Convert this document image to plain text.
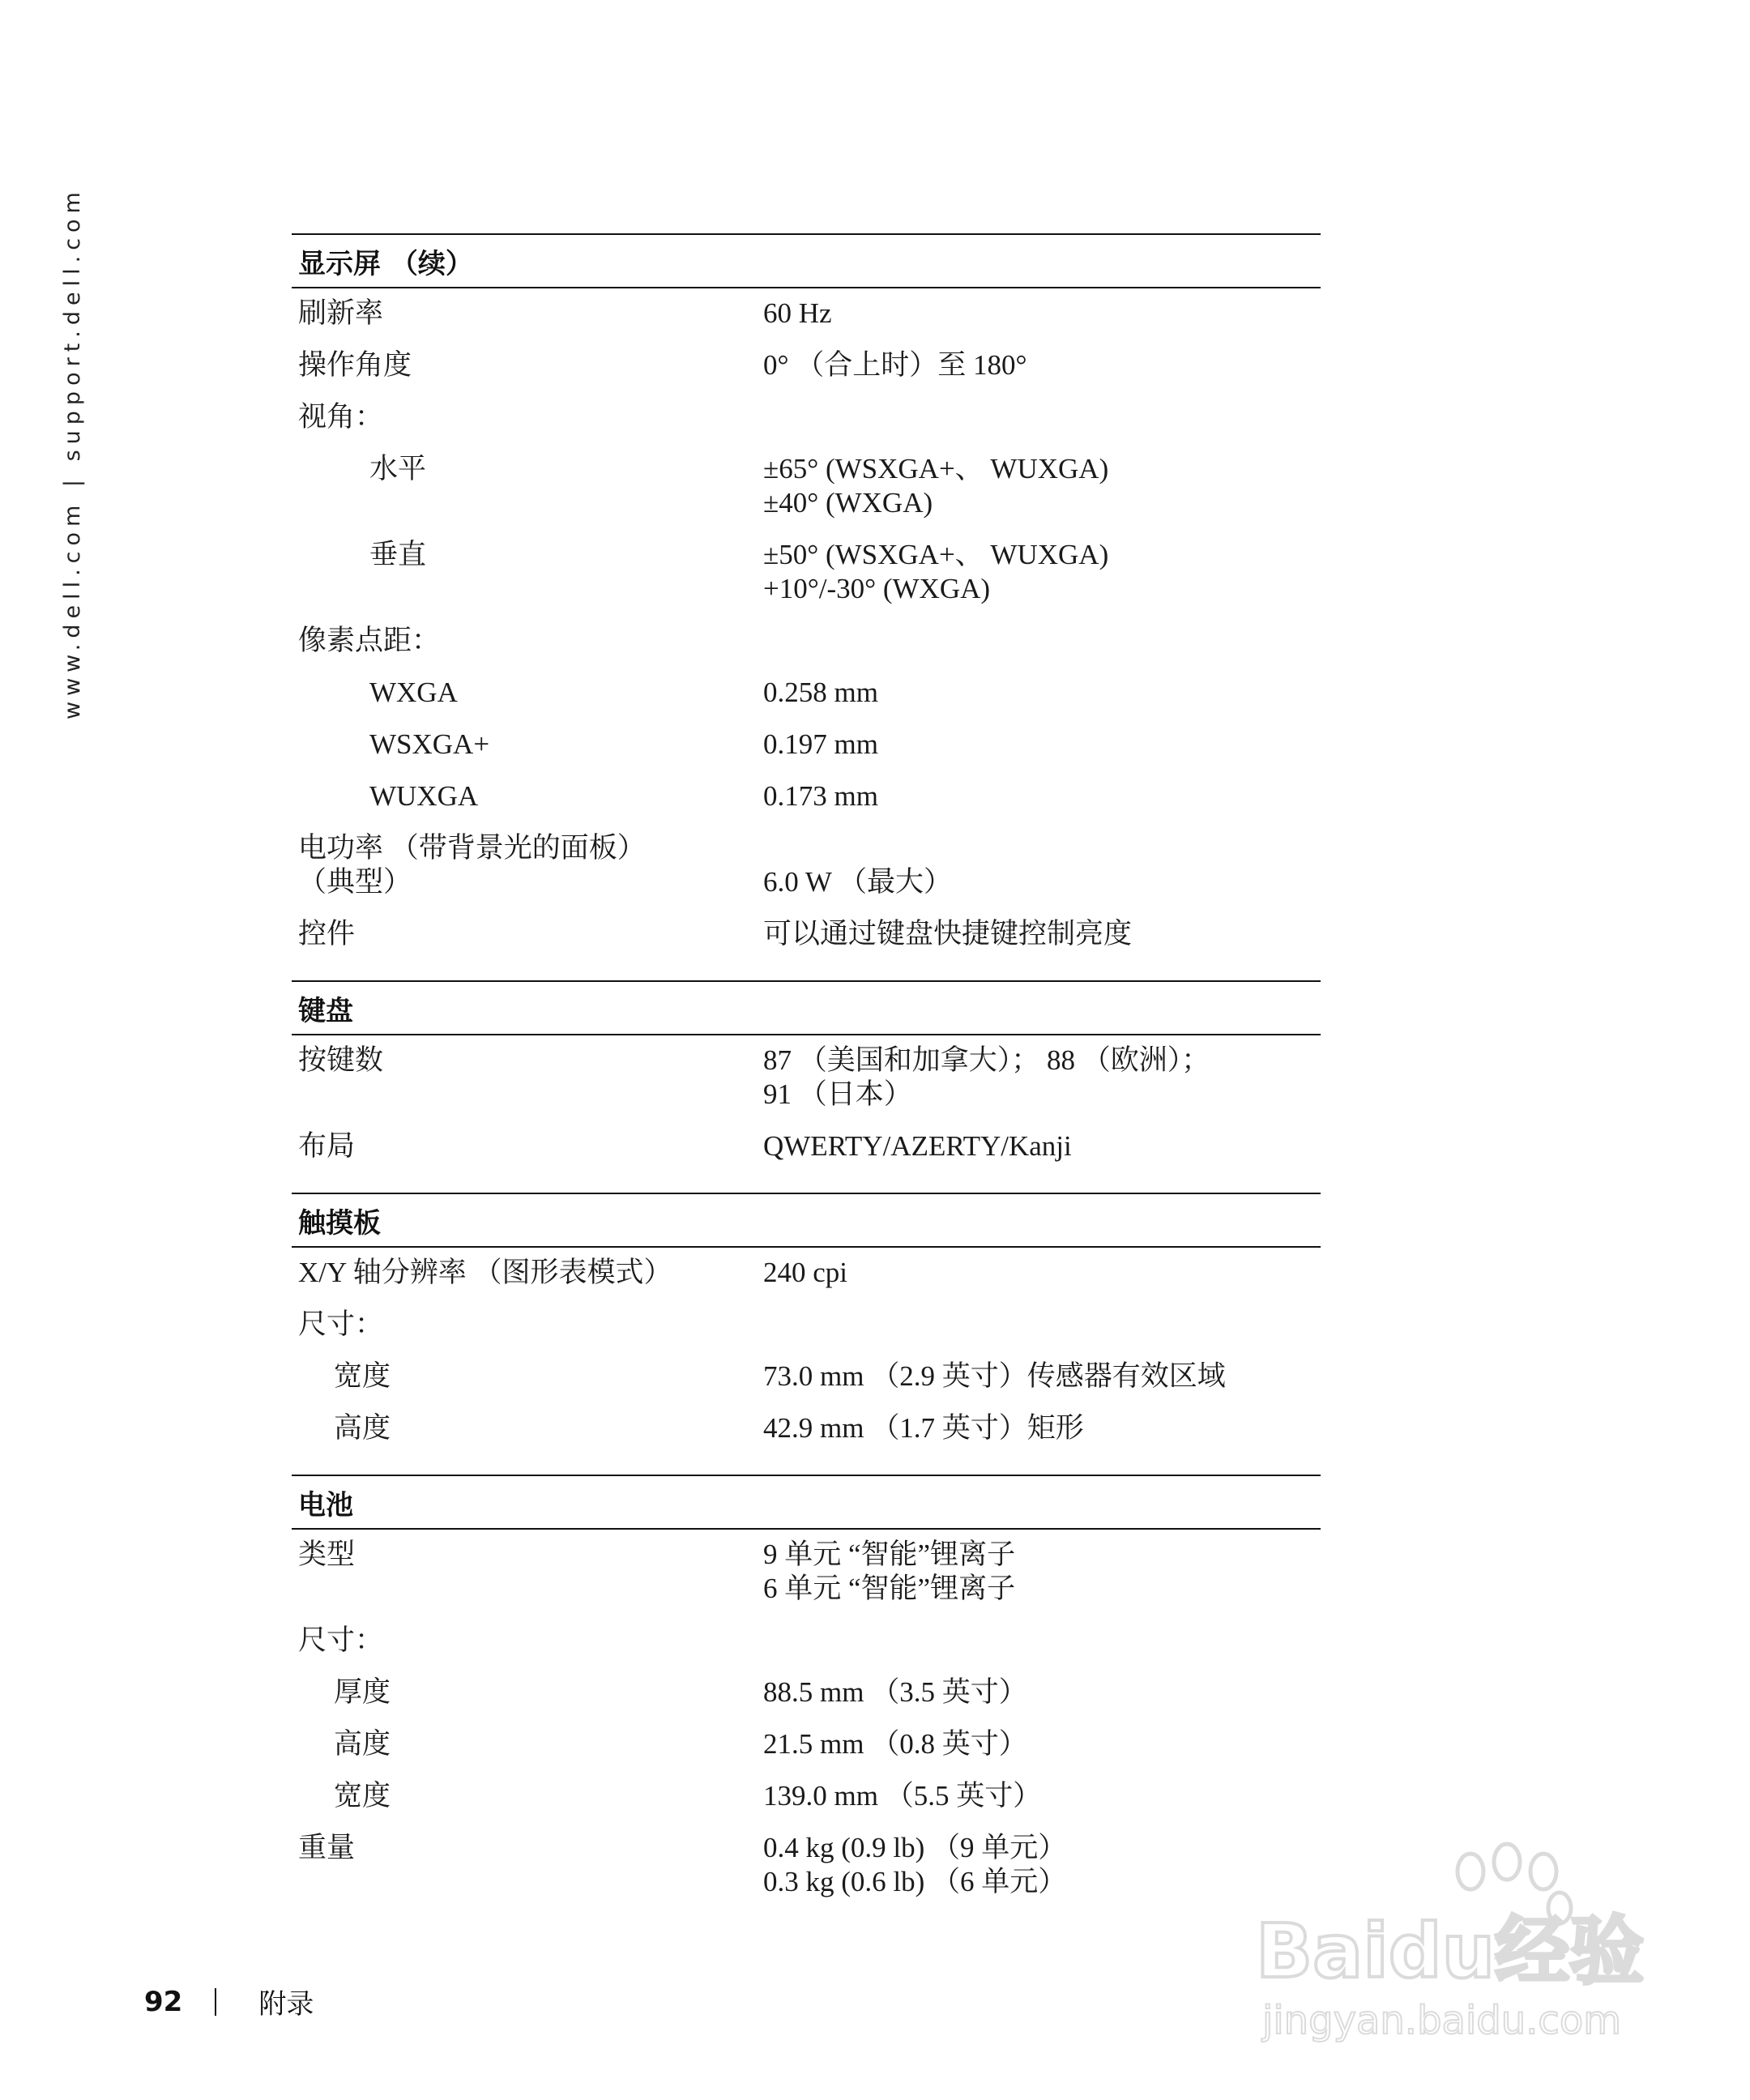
www.dell.com | support.dell.com	显示屏 （续）
刷新率	60 Hz
操作角度	0° （合上时）至 180°
视角：
水平	±65° (WSXGA+、 WUXGA)
±40° (WXGA)
垂直	±50° (WSXGA+、 WUXGA)
+10°/-30° (WXGA)
像素点距：
WXGA	0.258 mm
WSXGA+	0.197 mm
WUXGA	0.173 mm
电功率 （带背景光的面板）
（典型）	6.0 W （最大）
控件	可以通过键盘快捷键控制亮度
键盘
按键数	87 （美国和加拿大）； 88 （欧洲）；
91 （日本）
布局	QWERTY/AZERTY/Kanji
触摸板
X/Y 轴分辨率 （图形表模式）	240 cpi
尺寸：
宽度	73.0 mm （2.9 英寸）传感器有效区域
高度	42.9 mm （1.7 英寸）矩形
电池
类型	9 单元 “智能”锂离子
6 单元 “智能”锂离子
尺寸：
厚度	88.5 mm （3.5 英寸）
高度	21.5 mm （0.8 英寸）
宽度	139.0 mm （5.5 英寸）
重量	0.4 kg (0.9 lb) （9 单元）
0.3 kg (0.6 lb) （6 单元）
92	附录
Baidu经验
jingyan.baidu.com
